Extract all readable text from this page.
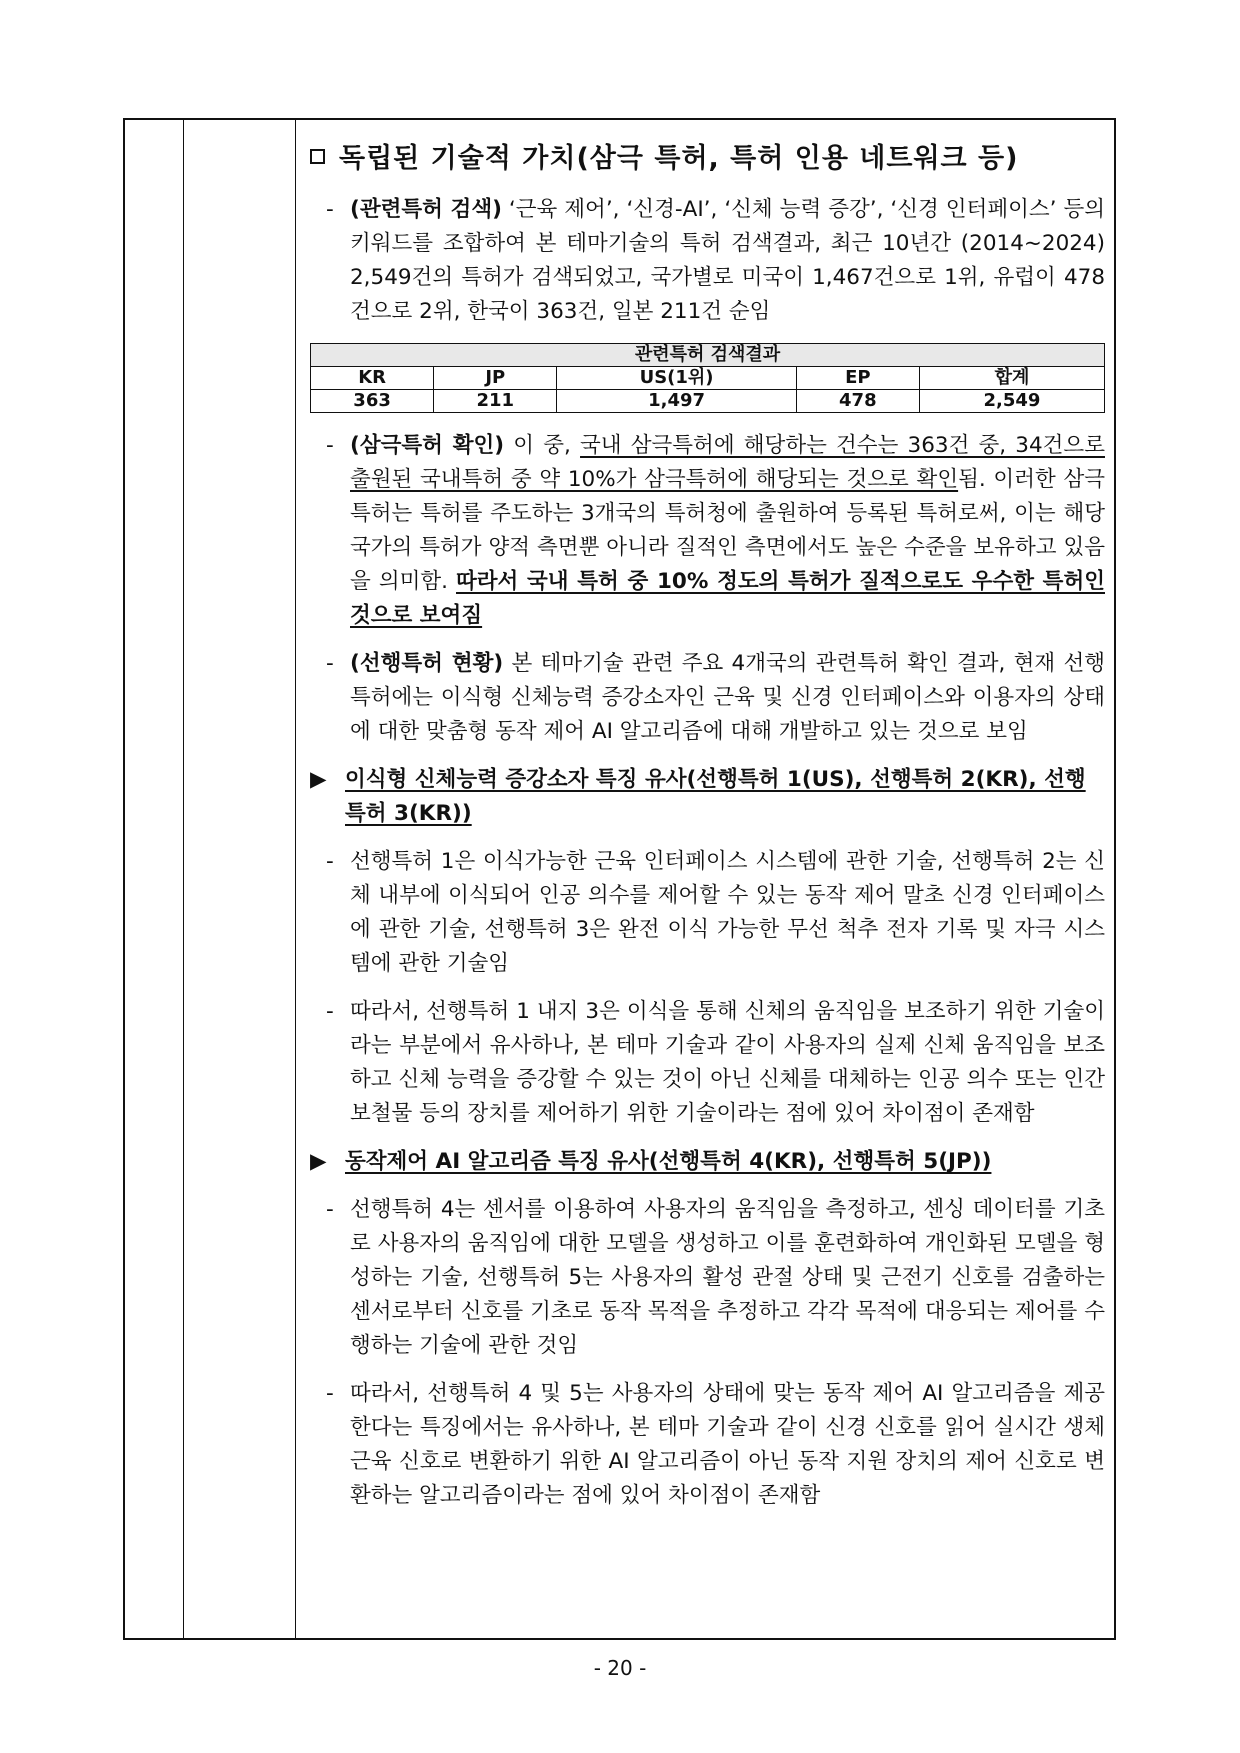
독립된 기술적 가치(삼극 특허, 특허 인용 네트워크 등)
- (관련특허 검색) ‘근육 제어’, ‘신경-AI’, ‘신체 능력 증강’, ‘신경 인터페이스’ 등의 키워드를 조합하여 본 테마기술의 특허 검색결과, 최근 10년간 (2014~2024) 2,549건의 특허가 검색되었고, 국가별로 미국이 1,467건으로 1위, 유럽이 478건으로 2위, 한국이 363건, 일본 211건 순임
관련특허 검색결과				
KR	JP	US(1위)	EP	합계
363	211	1,497	478	2,549
- (삼극특허 확인) 이 중, 국내 삼극특허에 해당하는 건수는 363건 중, 34건으로 출원된 국내특허 중 약 10%가 삼극특허에 해당되는 것으로 확인됨. 이러한 삼극특허는 특허를 주도하는 3개국의 특허청에 출원하여 등록된 특허로써, 이는 해당국가의 특허가 양적 측면뿐 아니라 질적인 측면에서도 높은 수준을 보유하고 있음을 의미함. 따라서 국내 특허 중 10% 정도의 특허가 질적으로도 우수한 특허인 것으로 보여짐
- (선행특허 현황) 본 테마기술 관련 주요 4개국의 관련특허 확인 결과, 현재 선행특허에는 이식형 신체능력 증강소자인 근육 및 신경 인터페이스와 이용자의 상태에 대한 맞춤형 동작 제어 AI 알고리즘에 대해 개발하고 있는 것으로 보임
▶ 이식형 신체능력 증강소자 특징 유사(선행특허 1(US), 선행특허 2(KR), 선행특허 3(KR))
- 선행특허 1은 이식가능한 근육 인터페이스 시스템에 관한 기술, 선행특허 2는 신체 내부에 이식되어 인공 의수를 제어할 수 있는 동작 제어 말초 신경 인터페이스에 관한 기술, 선행특허 3은 완전 이식 가능한 무선 척추 전자 기록 및 자극 시스템에 관한 기술임
- 따라서, 선행특허 1 내지 3은 이식을 통해 신체의 움직임을 보조하기 위한 기술이라는 부분에서 유사하나, 본 테마 기술과 같이 사용자의 실제 신체 움직임을 보조하고 신체 능력을 증강할 수 있는 것이 아닌 신체를 대체하는 인공 의수 또는 인간 보철물 등의 장치를 제어하기 위한 기술이라는 점에 있어 차이점이 존재함
▶ 동작제어 AI 알고리즘 특징 유사(선행특허 4(KR), 선행특허 5(JP))
- 선행특허 4는 센서를 이용하여 사용자의 움직임을 측정하고, 센싱 데이터를 기초로 사용자의 움직임에 대한 모델을 생성하고 이를 훈련화하여 개인화된 모델을 형성하는 기술, 선행특허 5는 사용자의 활성 관절 상태 및 근전기 신호를 검출하는 센서로부터 신호를 기초로 동작 목적을 추정하고 각각 목적에 대응되는 제어를 수행하는 기술에 관한 것임
- 따라서, 선행특허 4 및 5는 사용자의 상태에 맞는 동작 제어 AI 알고리즘을 제공한다는 특징에서는 유사하나, 본 테마 기술과 같이 신경 신호를 읽어 실시간 생체 근육 신호로 변환하기 위한 AI 알고리즘이 아닌 동작 지원 장치의 제어 신호로 변환하는 알고리즘이라는 점에 있어 차이점이 존재함
- 20 -
